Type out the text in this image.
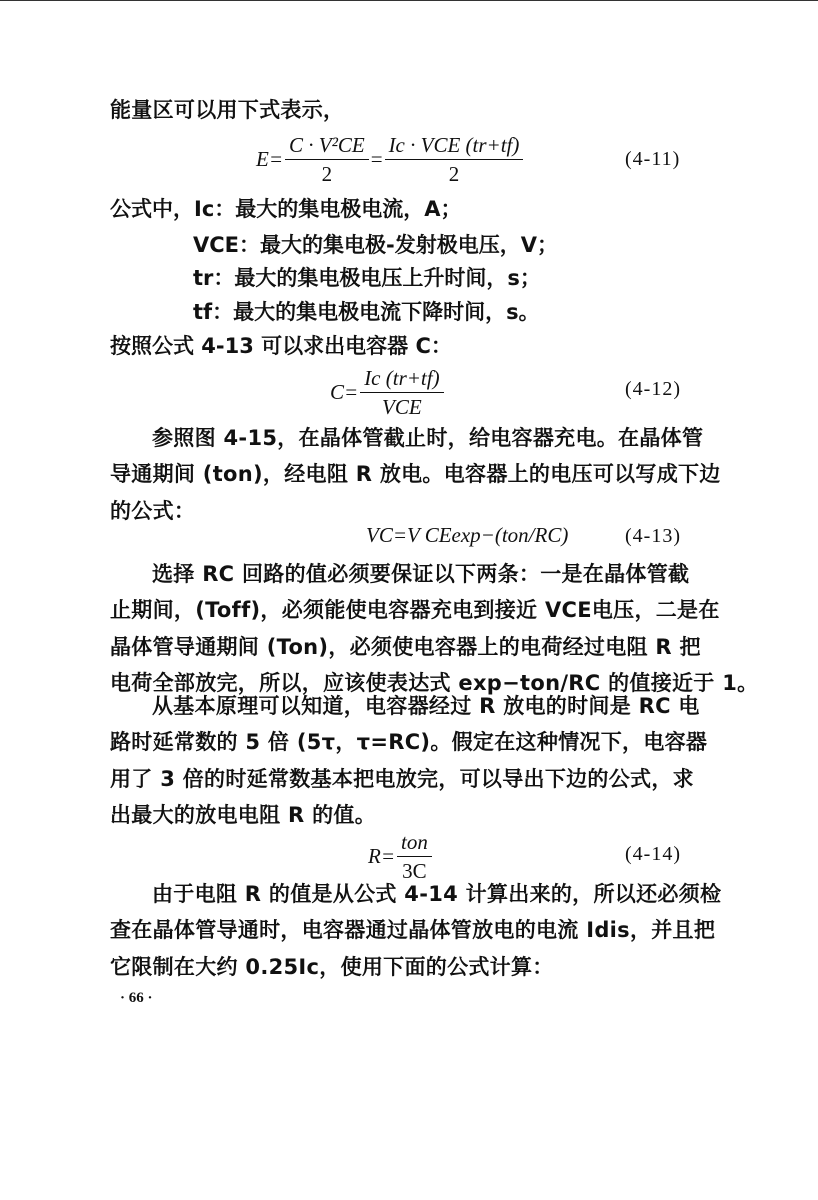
能量区可以用下式表示，
$E= \frac{\text{C · V²CE}}{2} = \frac{\text{Ic · VCE (tr+tf)}}{2}$	(4-11)
公式中，Ic：最大的集电极电流，A；
VCE：最大的集电极-发射极电压，V；
tr：最大的集电极电压上升时间，s；
tf：最大的集电极电流下降时间，s。
按照公式 4-13 可以求出电容器 C：
$C= \frac{Ic (tr+tf)}{\text{VCE}}$	(4-12)
参照图 4-15，在晶体管截止时，给电容器充电。在晶体管
导通期间 (ton)，经电阻 R 放电。电容器上的电压可以写成下边
的公式：
VC=V CEexp−(ton/RC)	(4-13)
选择 RC 回路的值必须要保证以下两条：一是在晶体管截
止期间，(Toff)，必须能使电容器充电到接近 VCE电压，二是在
晶体管导通期间 (Ton)，必须使电容器上的电荷经过电阻 R 把
电荷全部放完，所以，应该使表达式 exp−ton/RC 的值接近于 1。
从基本原理可以知道，电容器经过 R 放电的时间是 RC 电
路时延常数的 5 倍 (5τ，τ=RC)。假定在这种情况下，电容器
用了 3 倍的时延常数基本把电放完，可以导出下边的公式，求
出最大的放电电阻 R 的值。
$R= \frac{\text{ton}}{3C}$	(4-14)
由于电阻 R 的值是从公式 4-14 计算出来的，所以还必须检
查在晶体管导通时，电容器通过晶体管放电的电流 Idis，并且把
它限制在大约 0.25Ic，使用下面的公式计算：
· 66 ·
